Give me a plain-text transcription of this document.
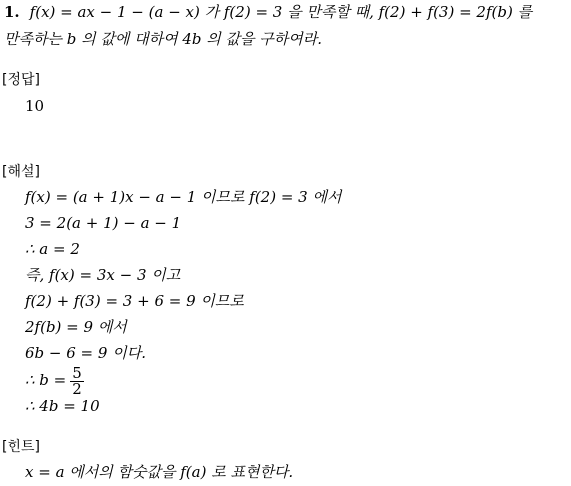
1. f(x) = ax − 1 − (a − x) 가 f(2) = 3 을 만족할 때, f(2) + f(3) = 2f(b) 를
만족하는 b 의 값에 대하여 4b 의 값을 구하여라.
[정답]
10
[해설]
f(x) = (a + 1)x − a − 1 이므로 f(2) = 3 에서
3 = 2(a + 1) − a − 1
∴ a = 2
즉, f(x) = 3x − 3 이고
f(2) + f(3) = 3 + 6 = 9 이므로
2f(b) = 9 에서
6b − 6 = 9 이다.
∴ $b = \frac{5}{2}$
∴ 4b = 10
[힌트]
x = a 에서의 함숫값을 f(a) 로 표현한다.
